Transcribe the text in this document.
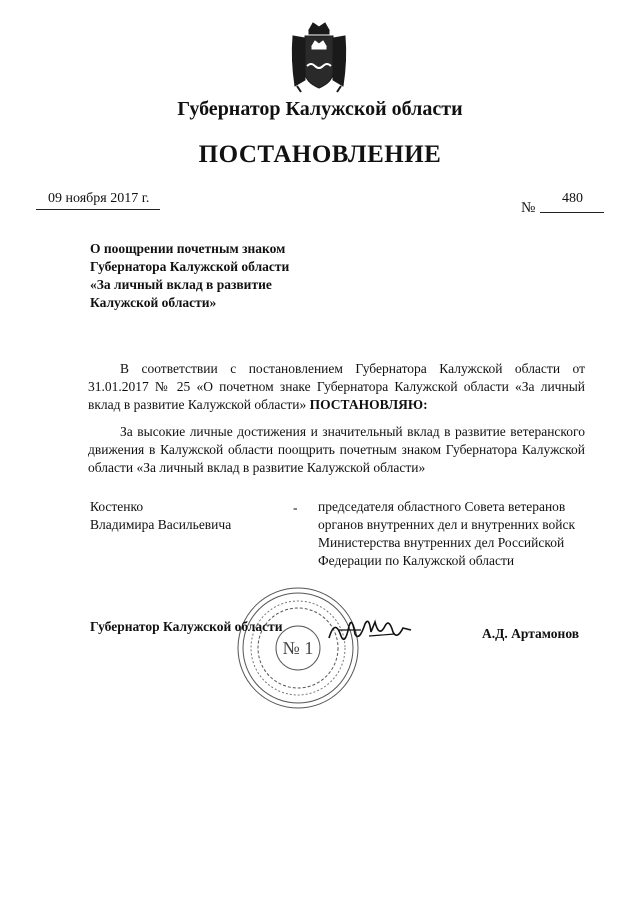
Губернатор Калужской области
ПОСТАНОВЛЕНИЕ
09 ноября 2017 г.
№
480
О поощрении почетным знаком
Губернатора Калужской области
«За личный вклад в развитие
Калужской области»
В соответствии с постановлением Губернатора Калужской области от 31.01.2017 № 25 «О почетном знаке Губернатора Калужской области «За личный вклад в развитие Калужской области» ПОСТАНОВЛЯЮ:
За высокие личные достижения и значительный вклад в развитие ветеранского движения в Калужской области поощрить почетным знаком Губернатора Калужской области «За личный вклад в развитие Калужской области»
Костенко
Владимира Васильевича
- председателя областного Совета ветеранов
органов внутренних дел и внутренних войск
Министерства внутренних дел Российской
Федерации по Калужской области
№ 1
Губернатор Калужской области	А.Д. Артамонов
